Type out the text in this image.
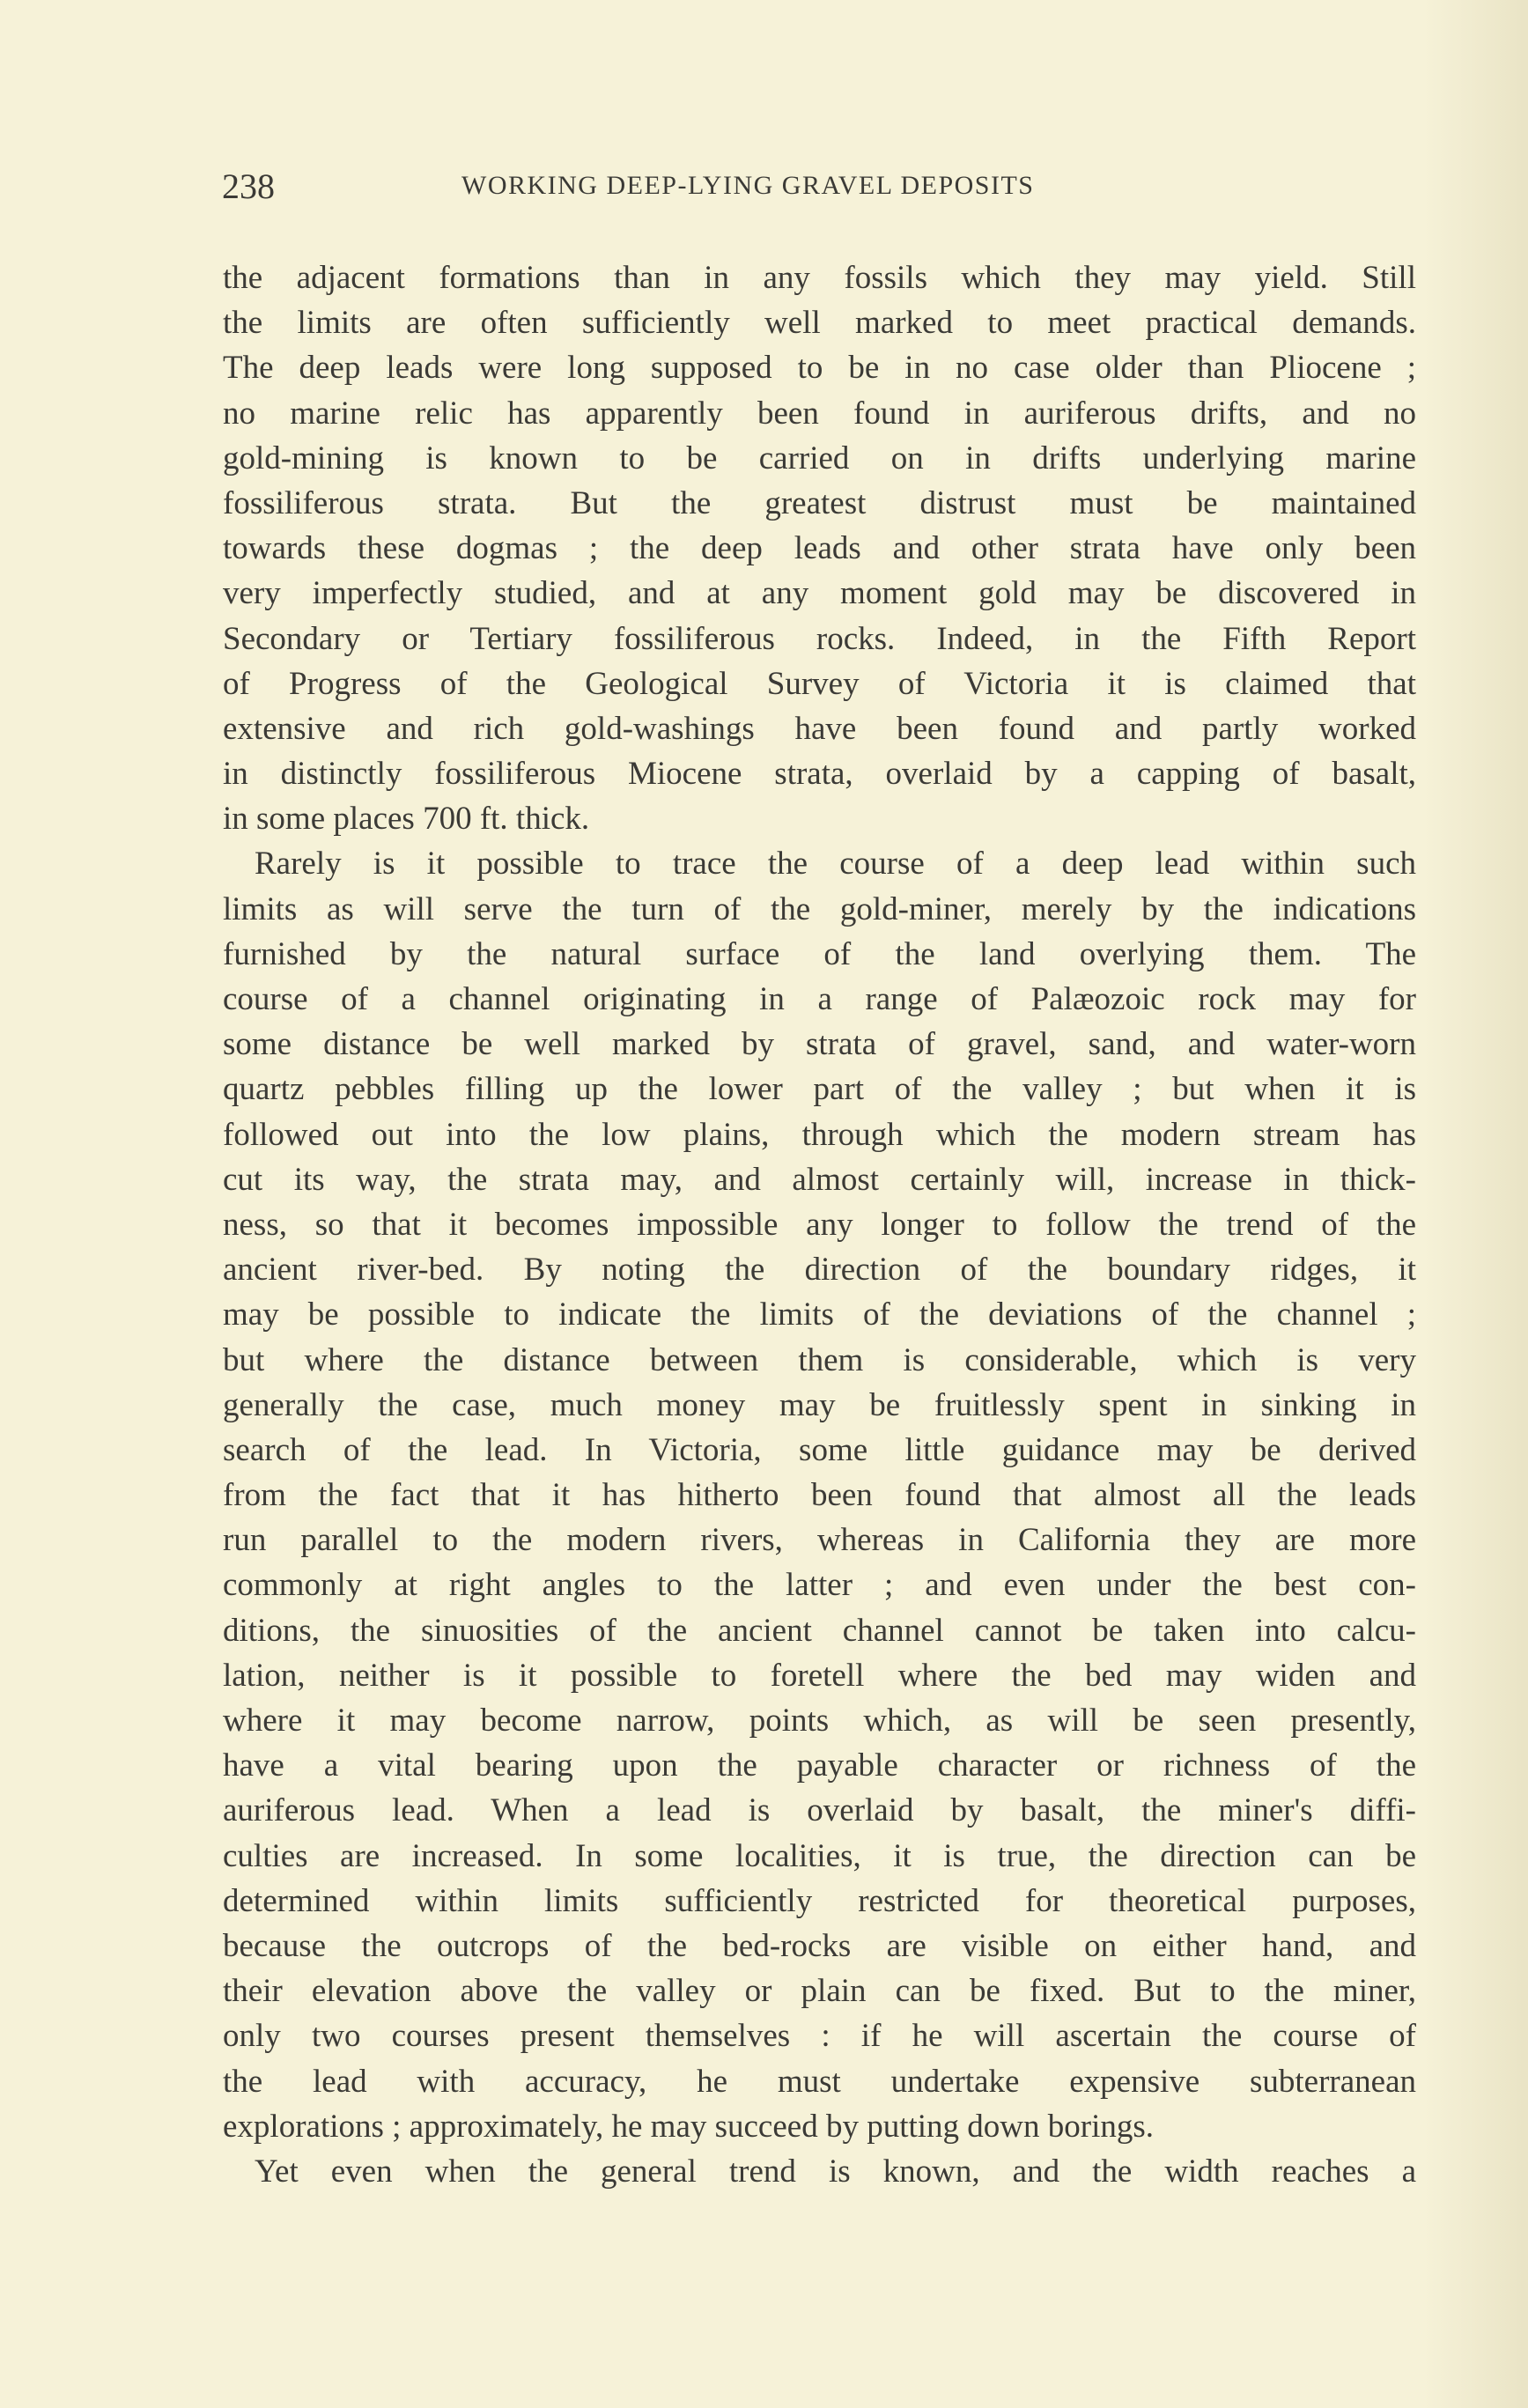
238	WORKING DEEP-LYING GRAVEL DEPOSITS
the adjacent formations than in any fossils which they may yield. Still
the limits are often sufficiently well marked to meet practical demands.
The deep leads were long supposed to be in no case older than Pliocene ;
no marine relic has apparently been found in auriferous drifts, and no
gold-mining is known to be carried on in drifts underlying marine
fossiliferous strata. But the greatest distrust must be maintained
towards these dogmas ; the deep leads and other strata have only been
very imperfectly studied, and at any moment gold may be discovered in
Secondary or Tertiary fossiliferous rocks. Indeed, in the Fifth Report
of Progress of the Geological Survey of Victoria it is claimed that
extensive and rich gold-washings have been found and partly worked
in distinctly fossiliferous Miocene strata, overlaid by a capping of basalt,
in some places 700 ft. thick.
Rarely is it possible to trace the course of a deep lead within such
limits as will serve the turn of the gold-miner, merely by the indications
furnished by the natural surface of the land overlying them. The
course of a channel originating in a range of Palæozoic rock may for
some distance be well marked by strata of gravel, sand, and water-worn
quartz pebbles filling up the lower part of the valley ; but when it is
followed out into the low plains, through which the modern stream has
cut its way, the strata may, and almost certainly will, increase in thick-
ness, so that it becomes impossible any longer to follow the trend of the
ancient river-bed. By noting the direction of the boundary ridges, it
may be possible to indicate the limits of the deviations of the channel ;
but where the distance between them is considerable, which is very
generally the case, much money may be fruitlessly spent in sinking in
search of the lead. In Victoria, some little guidance may be derived
from the fact that it has hitherto been found that almost all the leads
run parallel to the modern rivers, whereas in California they are more
commonly at right angles to the latter ; and even under the best con-
ditions, the sinuosities of the ancient channel cannot be taken into calcu-
lation, neither is it possible to foretell where the bed may widen and
where it may become narrow, points which, as will be seen presently,
have a vital bearing upon the payable character or richness of the
auriferous lead. When a lead is overlaid by basalt, the miner's diffi-
culties are increased. In some localities, it is true, the direction can be
determined within limits sufficiently restricted for theoretical purposes,
because the outcrops of the bed-rocks are visible on either hand, and
their elevation above the valley or plain can be fixed. But to the miner,
only two courses present themselves : if he will ascertain the course of
the lead with accuracy, he must undertake expensive subterranean
explorations ; approximately, he may succeed by putting down borings.
Yet even when the general trend is known, and the width reaches a
